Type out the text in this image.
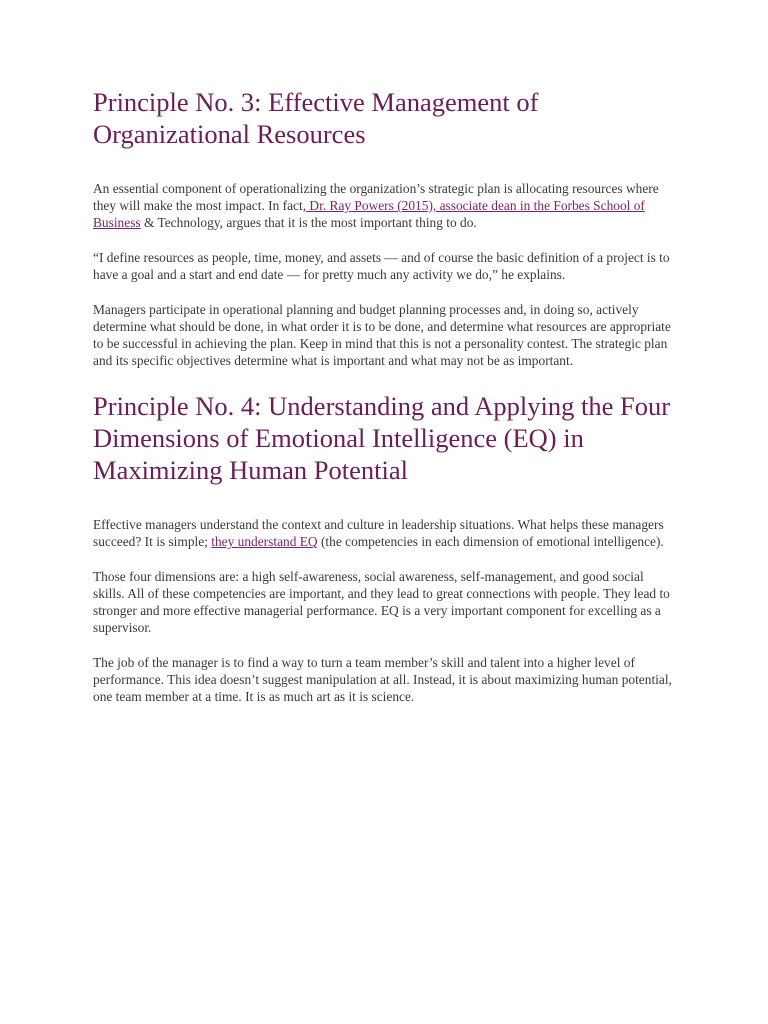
Principle No. 3: Effective Management of Organizational Resources

An essential component of operationalizing the organization’s strategic plan is allocating resources where they will make the most impact. In fact, Dr. Ray Powers (2015), associate dean in the Forbes School of Business & Technology, argues that it is the most important thing to do.

“I define resources as people, time, money, and assets — and of course the basic definition of a project is to have a goal and a start and end date — for pretty much any activity we do,” he explains.

Managers participate in operational planning and budget planning processes and, in doing so, actively determine what should be done, in what order it is to be done, and determine what resources are appropriate to be successful in achieving the plan. Keep in mind that this is not a personality contest. The strategic plan and its specific objectives determine what is important and what may not be as important.

Principle No. 4: Understanding and Applying the Four Dimensions of Emotional Intelligence (EQ) in Maximizing Human Potential

Effective managers understand the context and culture in leadership situations. What helps these managers succeed? It is simple; they understand EQ (the competencies in each dimension of emotional intelligence).

Those four dimensions are: a high self-awareness, social awareness, self-management, and good social skills. All of these competencies are important, and they lead to great connections with people. They lead to stronger and more effective managerial performance. EQ is a very important component for excelling as a supervisor.

The job of the manager is to find a way to turn a team member’s skill and talent into a higher level of performance. This idea doesn’t suggest manipulation at all. Instead, it is about maximizing human potential, one team member at a time. It is as much art as it is science.
